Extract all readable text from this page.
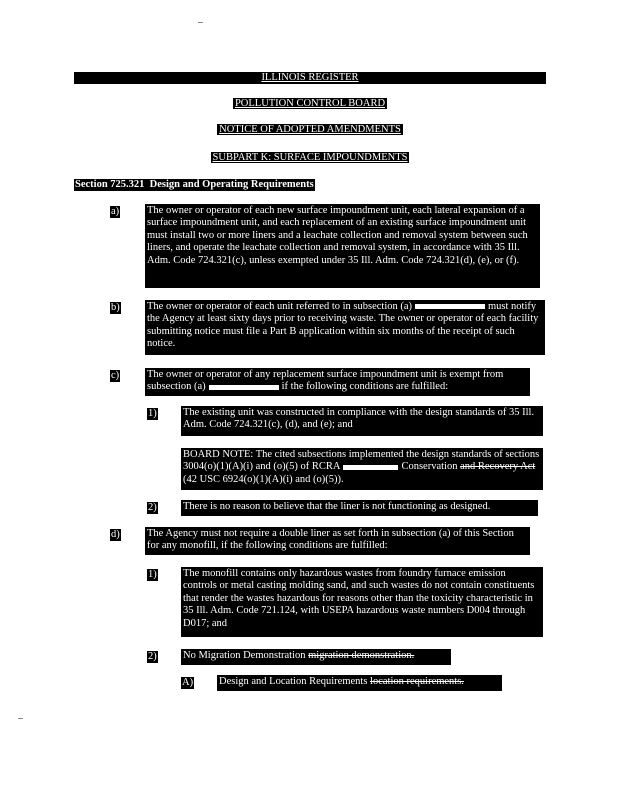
ILLINOIS REGISTER
POLLUTION CONTROL BOARD
NOTICE OF ADOPTED AMENDMENTS
SUBPART K: SURFACE IMPOUNDMENTS
Section 725.321 Design and Operating Requirements
a)	The owner or operator of each new surface impoundment unit, each lateral expansion of a surface impoundment unit, and each replacement of an existing surface impoundment unit must install two or more liners and a leachate collection and removal system between such liners, and operate the leachate collection and removal system, in accordance with 35 Ill. Adm. Code 724.321(c), unless exempted under 35 Ill. Adm. Code 724.321(d), (e), or (f).

b)	The owner or operator of each unit referred to in subsection (a)	must notify the Agency at least sixty days prior to receiving waste. The owner or operator of each facility submitting notice must file a Part B application within six months of the receipt of such notice.

c)	The owner or operator of any replacement surface impoundment unit is exempt from subsection (a)	if the following conditions are fulfilled:

1)	The existing unit was constructed in compliance with the design standards of 35 Ill. Adm. Code 724.321(c), (d), and (e); and

BOARD NOTE: The cited subsections implemented the design standards of sections 3004(o)(1)(A)(i) and (o)(5) of RCRA	Conservation and Recovery Act (42 USC 6924(o)(1)(A)(i) and (o)(5)).

2)	There is no reason to believe that the liner is not functioning as designed.

d)	The Agency must not require a double liner as set forth in subsection (a) of this Section for any monofill, if the following conditions are fulfilled:

1)	The monofill contains only hazardous wastes from foundry furnace emission controls or metal casting molding sand, and such wastes do not contain constituents that render the wastes hazardous for reasons other than the toxicity characteristic in 35 Ill. Adm. Code 721.124, with USEPA hazardous waste numbers D004 through D017; and

2)	No Migration Demonstration migration demonstration.

A) Design and Location Requirements location requirements.
